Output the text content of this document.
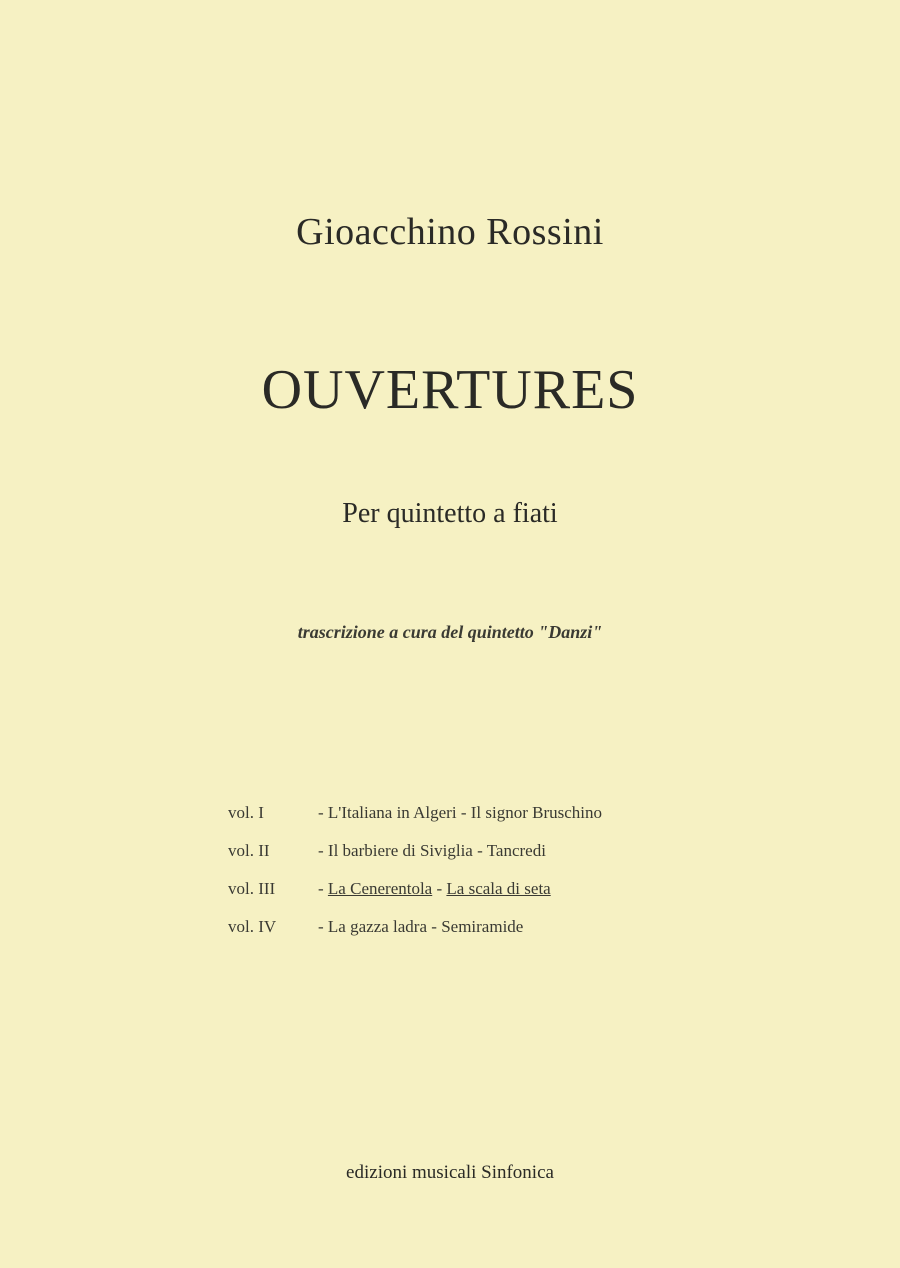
Gioacchino Rossini
OUVERTURES
Per quintetto a fiati
trascrizione a cura del quintetto "Danzi"
vol. I	- L'Italiana in Algeri - Il signor Bruschino
vol. II	- Il barbiere di Siviglia - Tancredi
vol. III	- La Cenerentola - La scala di seta
vol. IV	- La gazza ladra - Semiramide
edizioni musicali Sinfonica
